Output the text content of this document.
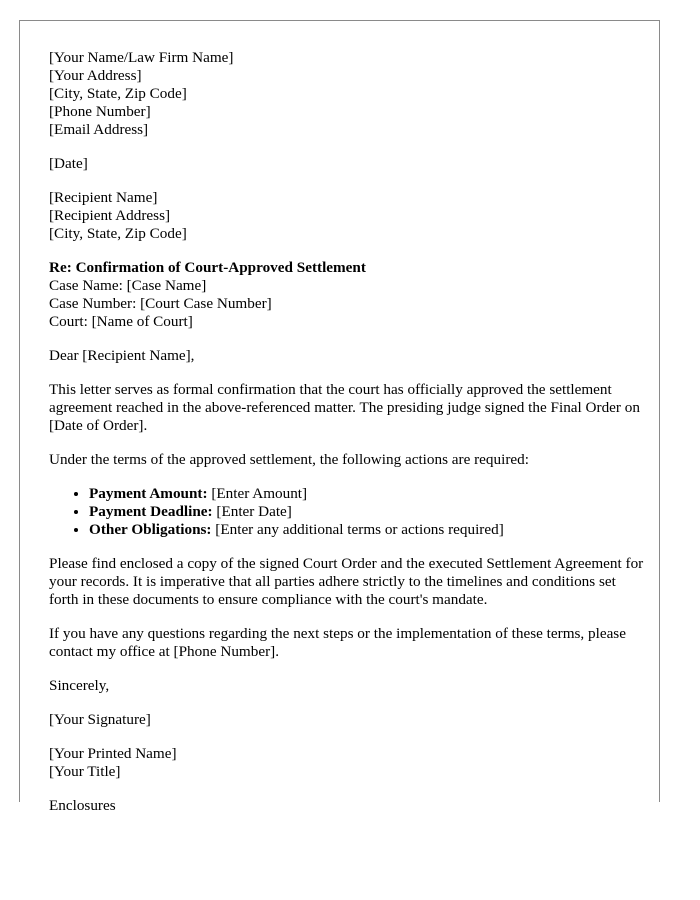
[Your Name/Law Firm Name]
[Your Address]
[City, State, Zip Code]
[Phone Number]
[Email Address]
[Date]
[Recipient Name]
[Recipient Address]
[City, State, Zip Code]
Re: Confirmation of Court-Approved Settlement
Case Name: [Case Name]
Case Number: [Court Case Number]
Court: [Name of Court]
Dear [Recipient Name],
This letter serves as formal confirmation that the court has officially approved the settlement agreement reached in the above-referenced matter. The presiding judge signed the Final Order on [Date of Order].
Under the terms of the approved settlement, the following actions are required:
• Payment Amount: [Enter Amount]
• Payment Deadline: [Enter Date]
• Other Obligations: [Enter any additional terms or actions required]
Please find enclosed a copy of the signed Court Order and the executed Settlement Agreement for your records. It is imperative that all parties adhere strictly to the timelines and conditions set forth in these documents to ensure compliance with the court's mandate.
If you have any questions regarding the next steps or the implementation of these terms, please contact my office at [Phone Number].
Sincerely,
[Your Signature]
[Your Printed Name]
[Your Title]
Enclosures
